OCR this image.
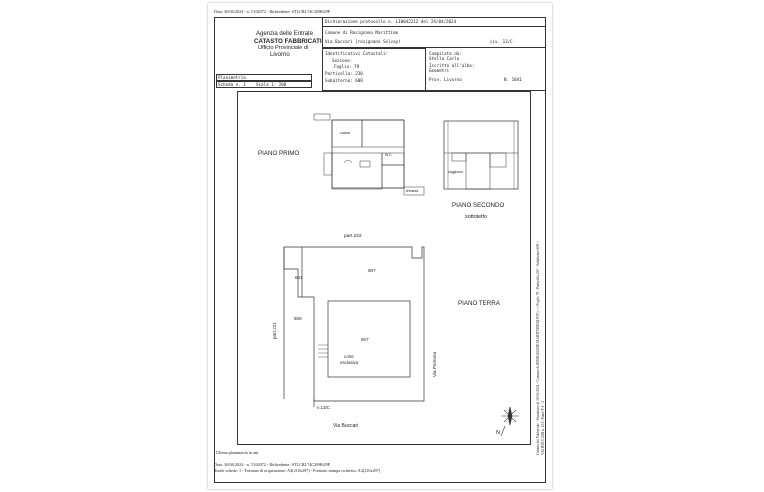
Data: 30/04/2024 - n. T162072 - Richiedente: STLCRL74C20H629P
Agenzia delle Entrate
CATASTO FABBRICATI
Ufficio Provinciale di
Livorno
Dichiarazione protocollo n. LI0042212 del 24/04/2024
Comune di Rosignano Marittimo
Via Buccari (rosignano Solvay)	civ. 13/C
Identificativi Catastali:
Sezione:
Foglio: 79
Particella: 230
Subalterno: 608
Compilata da:
Stella Carlo
Iscritto all'albo:
Geometri
Prov. Livorno	N. 1041
Planimetria
Scheda n. 1 Scala 1: 200
PIANO PRIMO
PIANO SECONDO
sottotetto
PIANO TERRA
part.222
601
606
607
607
corte
esclusiva
n.13/C
Via Buccari
N
Via Pomona
part.221
cucina
W.C.
soggiorno
terrazza
Catasto dei Fabbricati - Situazione al 30/04/2024 - Comune di ROSIGNANO MARITTIMO(H570) - < Foglio 79 - Particella 230 - Subalterno 608 > VIA BUCCARI n. 13/C Piano T-1 - 2
Ultima planimetria in atti
Data: 30/04/2024 - n. T162072 - Richiedente: STLCRL74C20H629P
Totale schede: 1 - Formato di acquisizione: A4(210x297) - Formato stampa richiesto: A4(210x297)
